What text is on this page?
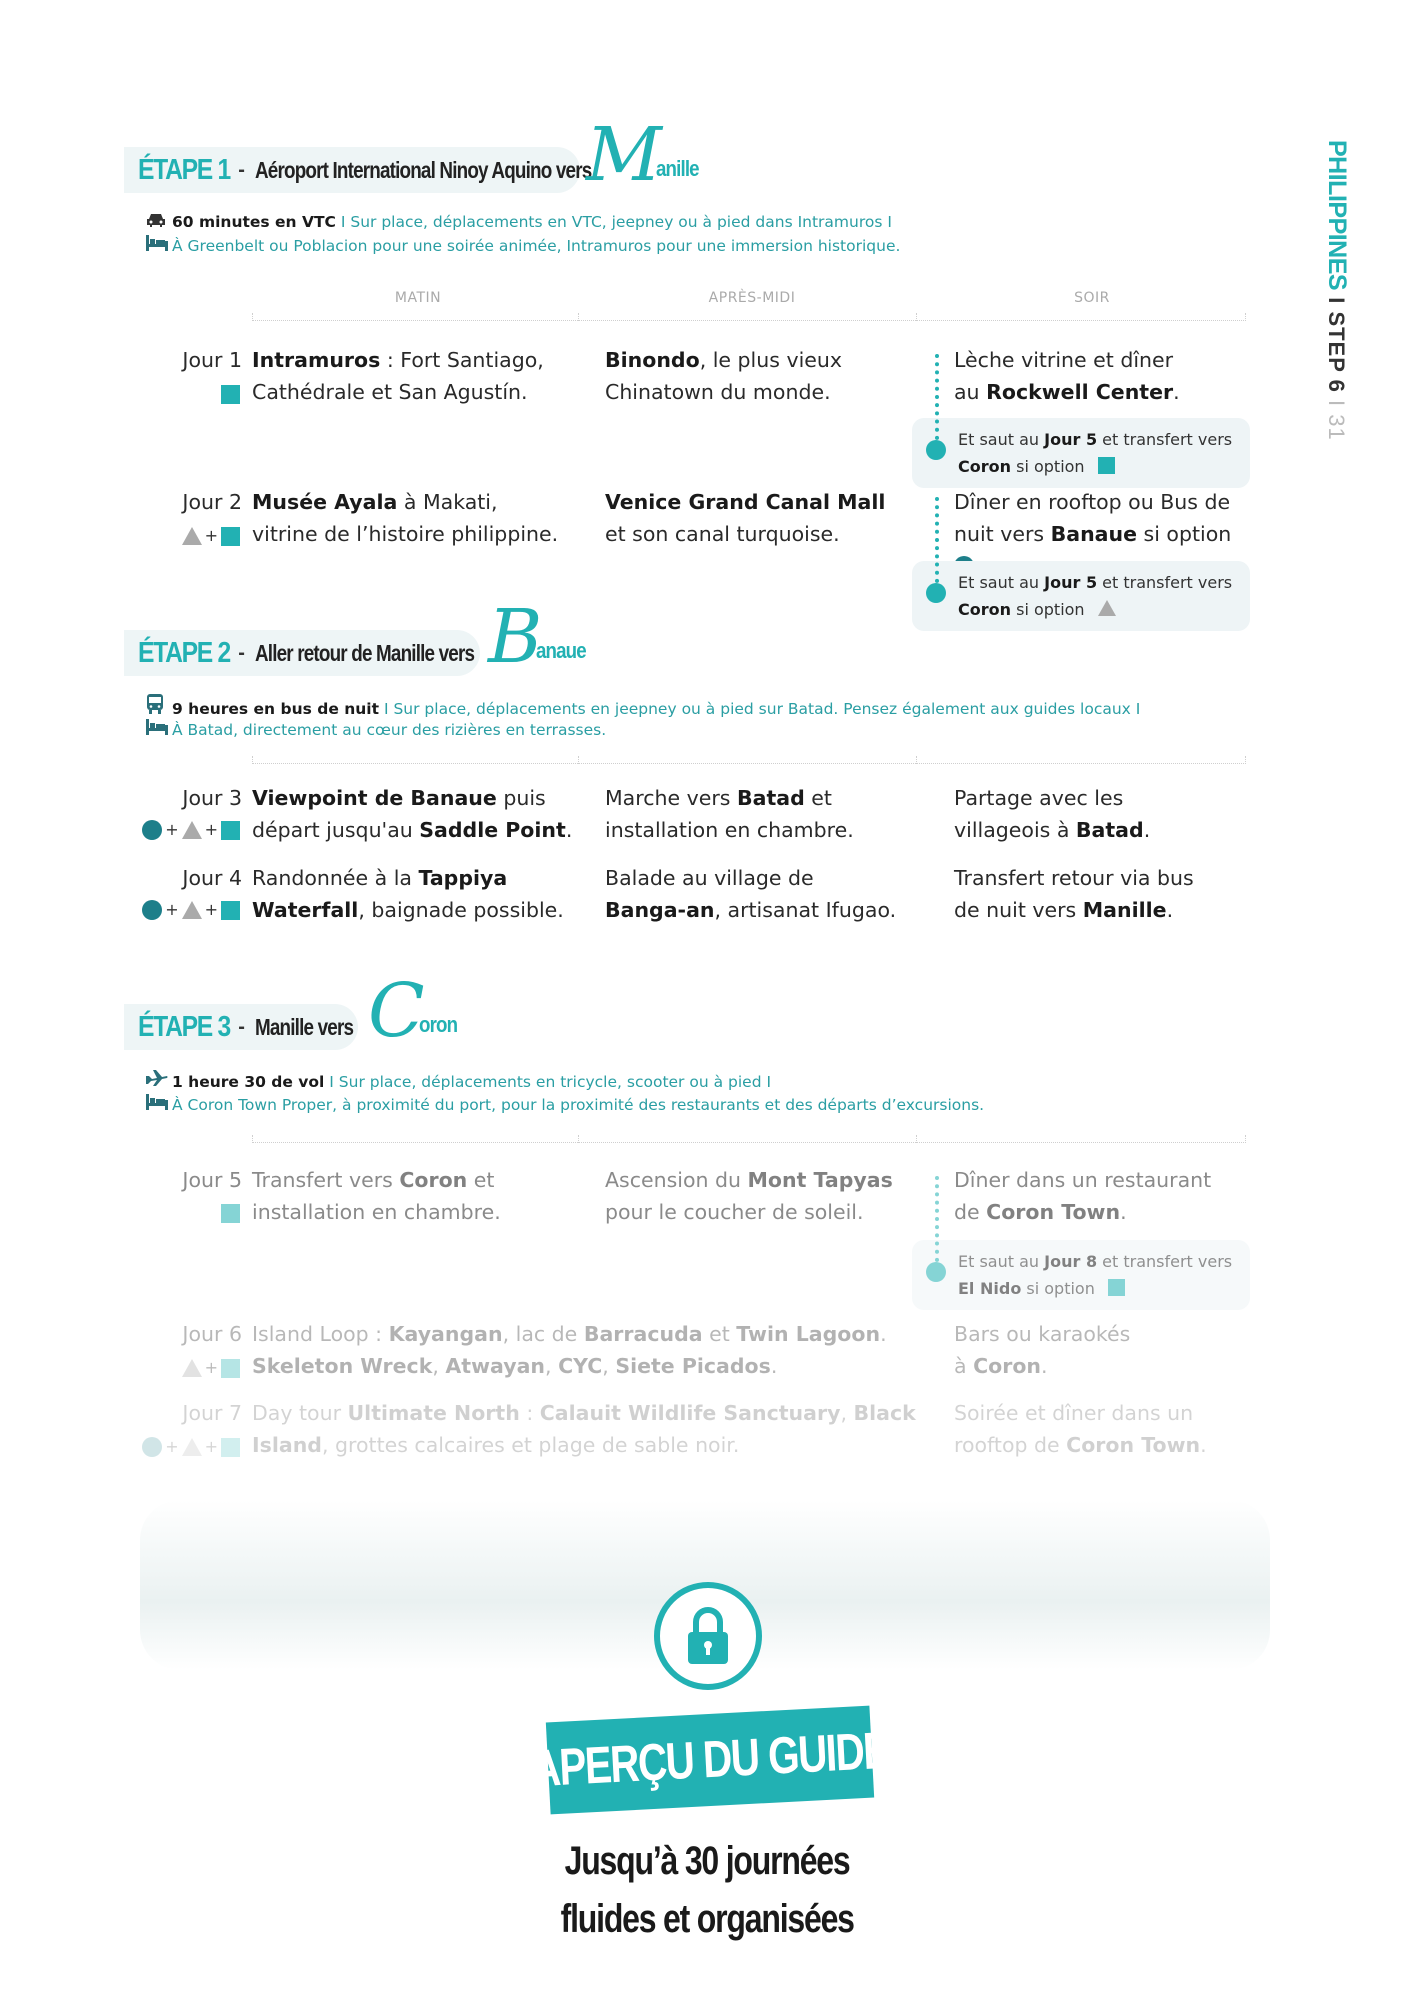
PHILIPPINES I STEP 6 I 31
ÉTAPE 1 - Aéroport International Ninoy Aquino vers
M
anille
60 minutes en VTC I Sur place, déplacements en VTC, jeepney ou à pied dans Intramuros I
À Greenbelt ou Poblacion pour une soirée animée, Intramuros pour une immersion historique.
MATIN	APRÈS-MIDI	SOIR
Jour 1 Intramuros : Fort Santiago,
Cathédrale et San Agustín.
Binondo, le plus vieux
Chinatown du monde.
Lèche vitrine et dîner
au Rockwell Center.
Et saut au Jour 5 et transfert vers
Coron si option
Jour 2
+
Musée Ayala à Makati,
vitrine de l’histoire philippine.
Venice Grand Canal Mall
et son canal turquoise.
Dîner en rooftop ou Bus de
nuit vers Banaue si option
Et saut au Jour 5 et transfert vers
Coron si option
ÉTAPE 2 - Aller retour de Manille vers B
anaue
9 heures en bus de nuit I Sur place, déplacements en jeepney ou à pied sur Batad. Pensez également aux guides locaux I
À Batad, directement au cœur des rizières en terrasses.
Jour 3
+ +
Viewpoint de Banaue puis
départ jusqu'au Saddle Point.
Marche vers Batad et
installation en chambre.
Partage avec les
villageois à Batad.
Jour 4
+ +
Randonnée à la Tappiya
Waterfall, baignade possible.
Balade au village de
Banga-an, artisanat Ifugao.
Transfert retour via bus
de nuit vers Manille.
ÉTAPE 3 - Manille vers C
oron
1 heure 30 de vol I Sur place, déplacements en tricycle, scooter ou à pied I
À Coron Town Proper, à proximité du port, pour la proximité des restaurants et des départs d’excursions.
Jour 5 Transfert vers Coron et
installation en chambre.
Ascension du Mont Tapyas
pour le coucher de soleil.
Dîner dans un restaurant
de Coron Town.
Et saut au Jour 8 et transfert vers
El Nido si option
Jour 6
+
Island Loop : Kayangan, lac de Barracuda et Twin Lagoon.
Skeleton Wreck, Atwayan, CYC, Siete Picados.
Bars ou karaokés
à Coron.
Jour 7
+ +
Day tour Ultimate North : Calauit Wildlife Sanctuary, Black
Island, grottes calcaires et plage de sable noir.
Soirée et dîner dans un
rooftop de Coron Town.
APERÇU DU GUIDE
Jusqu’à 30 journées
fluides et organisées
